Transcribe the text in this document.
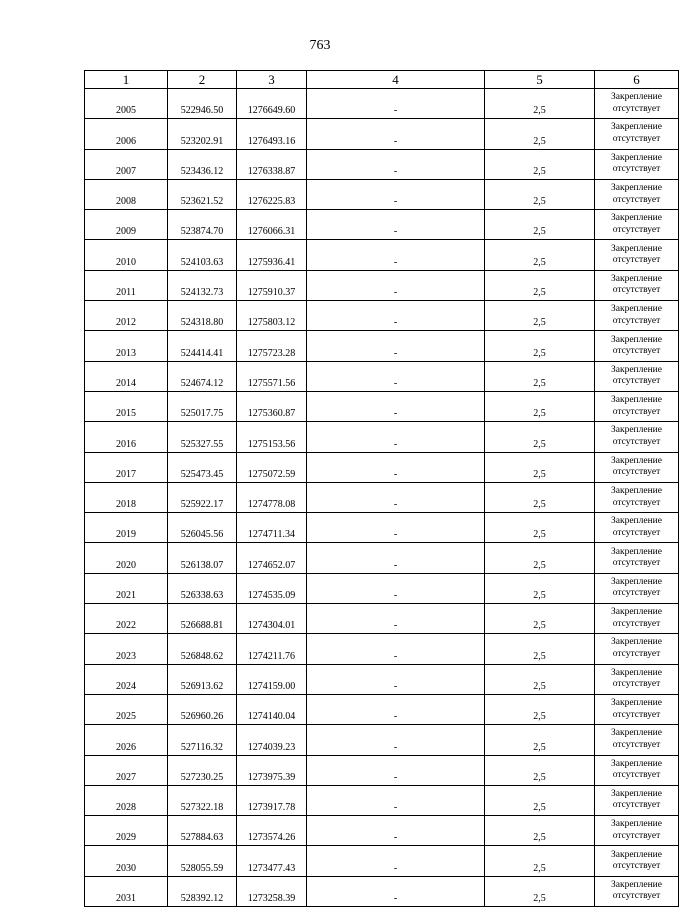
763
1	2	3	4	5	6
2005	522946.50	1276649.60	-	2,5	Закрепление
отсутствует

2006	523202.91	1276493.16	-	2,5	Закрепление
отсутствует

2007	523436.12	1276338.87	-	2,5	Закрепление
отсутствует

2008	523621.52	1276225.83	-	2,5	Закрепление
отсутствует

2009	523874.70	1276066.31	-	2,5	Закрепление
отсутствует

2010	524103.63	1275936.41	-	2,5	Закрепление
отсутствует

2011	524132.73	1275910.37	-	2,5	Закрепление
отсутствует

2012	524318.80	1275803.12	-	2,5	Закрепление
отсутствует

2013	524414.41	1275723.28	-	2,5	Закрепление
отсутствует

2014	524674.12	1275571.56	-	2,5	Закрепление
отсутствует

2015	525017.75	1275360.87	-	2,5	Закрепление
отсутствует

2016	525327.55	1275153.56	-	2,5	Закрепление
отсутствует

2017	525473.45	1275072.59	-	2,5	Закрепление
отсутствует

2018	525922.17	1274778.08	-	2,5	Закрепление
отсутствует

2019	526045.56	1274711.34	-	2,5	Закрепление
отсутствует

2020	526138.07	1274652.07	-	2,5	Закрепление
отсутствует

2021	526338.63	1274535.09	-	2,5	Закрепление
отсутствует

2022	526688.81	1274304.01	-	2,5	Закрепление
отсутствует

2023	526848.62	1274211.76	-	2,5	Закрепление
отсутствует

2024	526913.62	1274159.00	-	2,5	Закрепление
отсутствует

2025	526960.26	1274140.04	-	2,5	Закрепление
отсутствует

2026	527116.32	1274039.23	-	2,5	Закрепление
отсутствует

2027	527230.25	1273975.39	-	2,5	Закрепление
отсутствует

2028	527322.18	1273917.78	-	2,5	Закрепление
отсутствует

2029	527884.63	1273574.26	-	2,5	Закрепление
отсутствует

2030	528055.59	1273477.43	-	2,5	Закрепление
отсутствует

2031	528392.12	1273258.39	-	2,5	Закрепление
отсутствует
